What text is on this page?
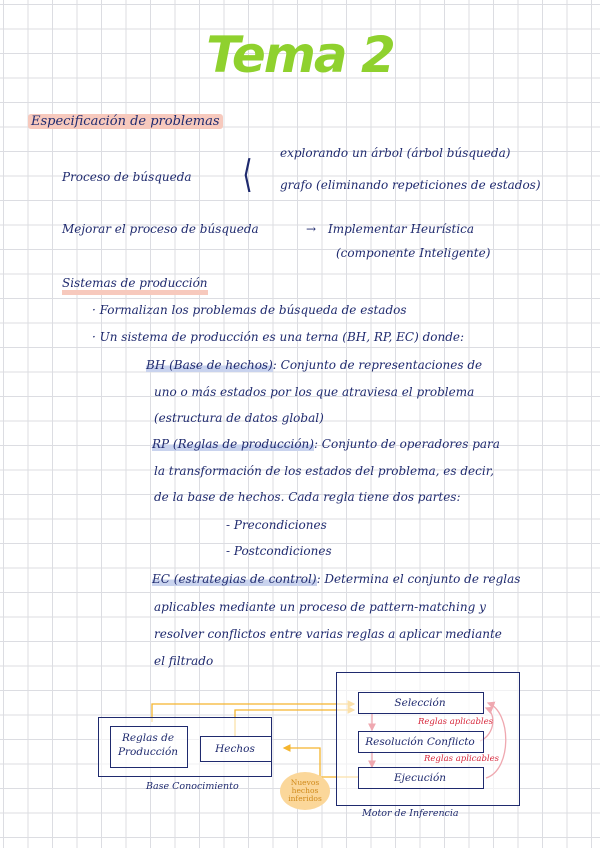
Tema 2
Especificación de problemas
Proceso de búsqueda ⟨ explorando un árbol (árbol búsqueda)
grafo (eliminando repeticiones de estados)
Mejorar el proceso de búsqueda	→ Implementar Heurística
(componente Inteligente)
Sistemas de producción
· Formalizan los problemas de búsqueda de estados
· Un sistema de producción es una terna (BH, RP, EC) donde:
BH (Base de hechos): Conjunto de representaciones de
uno o más estados por los que atraviesa el problema
(estructura de datos global)
RP (Reglas de producción): Conjunto de operadores para
la transformación de los estados del problema, es decir,
de la base de hechos. Cada regla tiene dos partes:
- Precondiciones
- Postcondiciones
EC (estrategias de control): Determina el conjunto de reglas
aplicables mediante un proceso de pattern-matching y
resolver conflictos entre varias reglas a aplicar mediante
el filtrado
Reglas de
Producción	Hechos
Base Conocimiento	Nuevos
hechos
inferidos
Selección
Reglas aplicables
Resolución Conflicto
Reglas aplicables
Ejecución
Motor de Inferencia
